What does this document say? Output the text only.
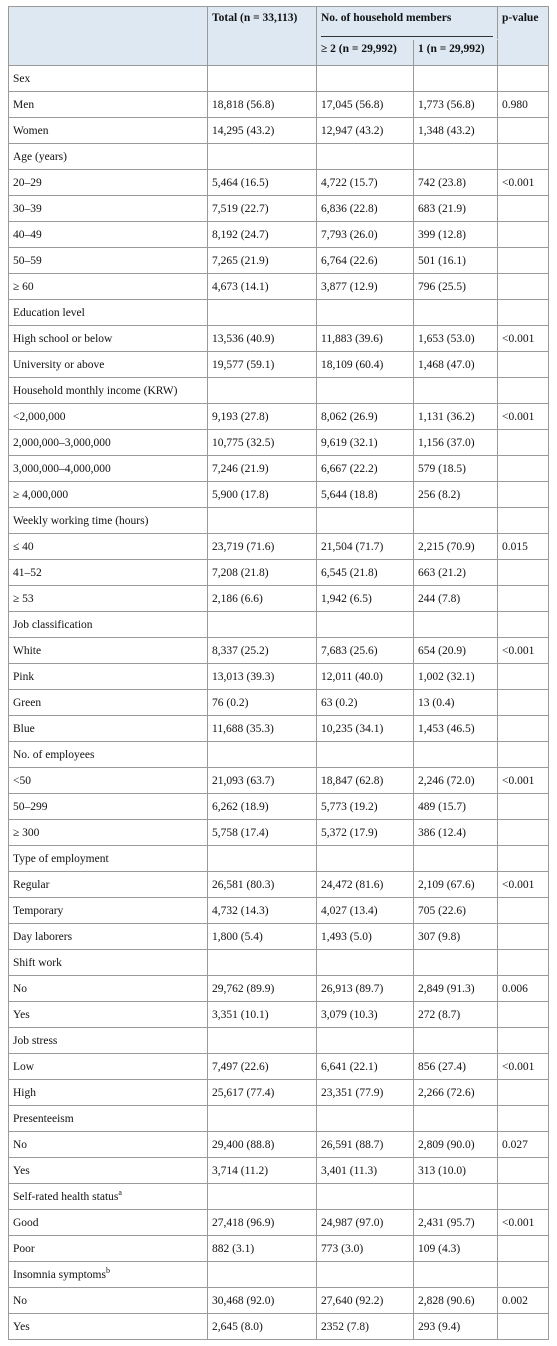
	Total (n = 33,113)	No. of household members		p-value
		≥ 2 (n = 29,992)	1 (n = 29,992)	
Sex				
Men	18,818 (56.8)	17,045 (56.8)	1,773 (56.8)	0.980
Women	14,295 (43.2)	12,947 (43.2)	1,348 (43.2)	
Age (years)				
20–29	5,464 (16.5)	4,722 (15.7)	742 (23.8)	<0.001
30–39	7,519 (22.7)	6,836 (22.8)	683 (21.9)	
40–49	8,192 (24.7)	7,793 (26.0)	399 (12.8)	
50–59	7,265 (21.9)	6,764 (22.6)	501 (16.1)	
≥ 60	4,673 (14.1)	3,877 (12.9)	796 (25.5)	
Education level				
High school or below	13,536 (40.9)	11,883 (39.6)	1,653 (53.0)	<0.001
University or above	19,577 (59.1)	18,109 (60.4)	1,468 (47.0)	
Household monthly income (KRW)				
<2,000,000	9,193 (27.8)	8,062 (26.9)	1,131 (36.2)	<0.001
2,000,000–3,000,000	10,775 (32.5)	9,619 (32.1)	1,156 (37.0)	
3,000,000–4,000,000	7,246 (21.9)	6,667 (22.2)	579 (18.5)	
≥ 4,000,000	5,900 (17.8)	5,644 (18.8)	256 (8.2)	
Weekly working time (hours)				
≤ 40	23,719 (71.6)	21,504 (71.7)	2,215 (70.9)	0.015
41–52	7,208 (21.8)	6,545 (21.8)	663 (21.2)	
≥ 53	2,186 (6.6)	1,942 (6.5)	244 (7.8)	
Job classification				
White	8,337 (25.2)	7,683 (25.6)	654 (20.9)	<0.001
Pink	13,013 (39.3)	12,011 (40.0)	1,002 (32.1)	
Green	76 (0.2)	63 (0.2)	13 (0.4)	
Blue	11,688 (35.3)	10,235 (34.1)	1,453 (46.5)	
No. of employees				
<50	21,093 (63.7)	18,847 (62.8)	2,246 (72.0)	<0.001
50–299	6,262 (18.9)	5,773 (19.2)	489 (15.7)	
≥ 300	5,758 (17.4)	5,372 (17.9)	386 (12.4)	
Type of employment				
Regular	26,581 (80.3)	24,472 (81.6)	2,109 (67.6)	<0.001
Temporary	4,732 (14.3)	4,027 (13.4)	705 (22.6)	
Day laborers	1,800 (5.4)	1,493 (5.0)	307 (9.8)	
Shift work				
No	29,762 (89.9)	26,913 (89.7)	2,849 (91.3)	0.006
Yes	3,351 (10.1)	3,079 (10.3)	272 (8.7)	
Job stress				
Low	7,497 (22.6)	6,641 (22.1)	856 (27.4)	<0.001
High	25,617 (77.4)	23,351 (77.9)	2,266 (72.6)	
Presenteeism				
No	29,400 (88.8)	26,591 (88.7)	2,809 (90.0)	0.027
Yes	3,714 (11.2)	3,401 (11.3)	313 (10.0)	
Self-rated health status$^a$				
Good	27,418 (96.9)	24,987 (97.0)	2,431 (95.7)	<0.001
Poor	882 (3.1)	773 (3.0)	109 (4.3)	
Insomnia symptoms$^b$				
No	30,468 (92.0)	27,640 (92.2)	2,828 (90.6)	0.002
Yes	2,645 (8.0)	2352 (7.8)	293 (9.4)	
